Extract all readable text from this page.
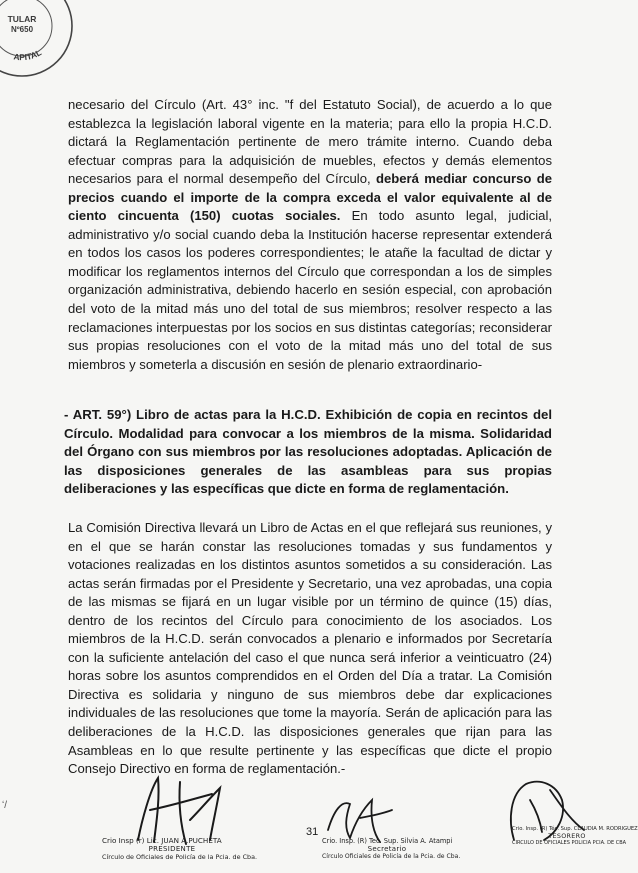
TULAR
Nº650
APITAL
necesario del Círculo (Art. 43° inc. "f del Estatuto Social), de acuerdo a lo que establezca la legislación laboral vigente en la materia; para ello la propia H.C.D. dictará la Reglamentación pertinente de mero trámite interno. Cuando deba efectuar compras para la adquisición de muebles, efectos y demás elementos necesarios para el normal desempeño del Círculo, deberá mediar concurso de precios cuando el importe de la compra exceda el valor equivalente al de ciento cincuenta (150) cuotas sociales. En todo asunto legal, judicial, administrativo y/o social cuando deba la Institución hacerse representar extenderá en todos los casos los poderes correspondientes; le atañe la facultad de dictar y modificar los reglamentos internos del Círculo que correspondan a los de simples organización administrativa, debiendo hacerlo en sesión especial, con aprobación del voto de la mitad más uno del total de sus miembros; resolver respecto a las reclamaciones interpuestas por los socios en sus distintas categorías; reconsiderar sus propias resoluciones con el voto de la mitad más uno del total de sus miembros y someterla a discusión en sesión de plenario extraordinario-
- ART. 59°) Libro de actas para la H.C.D. Exhibición de copia en recintos del Círculo. Modalidad para convocar a los miembros de la misma. Solidaridad del Órgano con sus miembros por las resoluciones adoptadas. Aplicación de las disposiciones generales de las asambleas para sus propias deliberaciones y las específicas que dicte en forma de reglamentación.
La Comisión Directiva llevará un Libro de Actas en el que reflejará sus reuniones, y en el que se harán constar las resoluciones tomadas y sus fundamentos y votaciones realizadas en los distintos asuntos sometidos a su consideración. Las actas serán firmadas por el Presidente y Secretario, una vez aprobadas, una copia de las mismas se fijará en un lugar visible por un término de quince (15) días, dentro de los recintos del Círculo para conocimiento de los asociados. Los miembros de la H.C.D. serán convocados a plenario e informados por Secretaría con la suficiente antelación del caso el que nunca será inferior a veinticuatro (24) horas sobre los asuntos comprendidos en el Orden del Día a tratar. La Comisión Directiva es solidaria y ninguno de sus miembros debe dar explicaciones individuales de las resoluciones que tome la mayoría. Serán de aplicación para las deliberaciones de la H.C.D. las disposiciones generales que rijan para las Asambleas en lo que resulte pertinente y las específicas que dicte el propio Consejo Directivo en forma de reglamentación.-
ʻ/
31
Crio Insp (r) Lic. JUAN A.PUCHETA
PRESIDENTE
Círculo de Oficiales de Policía de la Pcia. de Cba.
Crio. Insp. (R) Tec. Sup. Silvia A. Atampi
Secretario
Círculo Oficiales de Policía de la Pcia. de Cba.
Crio. Insp. (R) Téc. Sup. CLAUDIA M. RODRIGUEZ
TESORERO
CIRCULO DE OFICIALES POLICIA PCIA. DE CBA
